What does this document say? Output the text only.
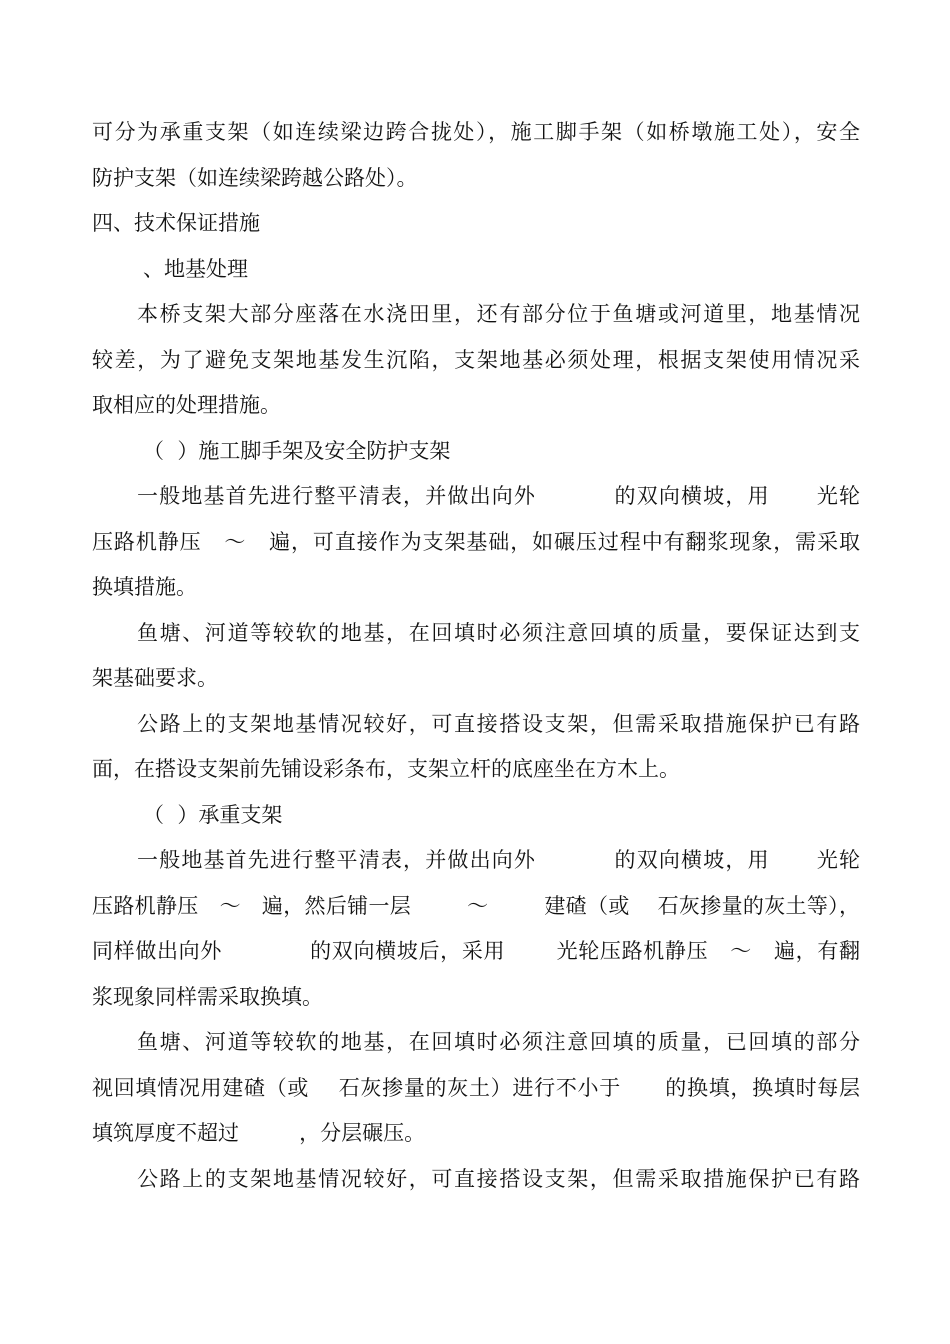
可分为承重支架（如连续梁边跨合拢处），施工脚手架（如桥墩施工处），安全
防护支架（如连续梁跨越公路处）。
四、技术保证措施
、地基处理
本桥支架大部分座落在水浇田里，还有部分位于鱼塘或河道里，地基情况
较差，为了避免支架地基发生沉陷，支架地基必须处理，根据支架使用情况采
取相应的处理措施。
（  ）施工脚手架及安全防护支架
一般地基首先进行整平清表，并做出向外          的双向横坡，用      光轮
压路机静压   ～   遍，可直接作为支架基础，如碾压过程中有翻浆现象，需采取
换填措施。
鱼塘、河道等较软的地基，在回填时必须注意回填的质量，要保证达到支
架基础要求。
公路上的支架地基情况较好，可直接搭设支架，但需采取措施保护已有路
面，在搭设支架前先铺设彩条布，支架立杆的底座坐在方木上。
（  ）承重支架
一般地基首先进行整平清表，并做出向外          的双向横坡，用      光轮
压路机静压   ～   遍，然后铺一层        ～        建碴（或    石灰掺量的灰土等），
同样做出向外            的双向横坡后，采用       光轮压路机静压   ～   遍，有翻
浆现象同样需采取换填。
鱼塘、河道等较软的地基，在回填时必须注意回填的质量，已回填的部分
视回填情况用建碴（或    石灰掺量的灰土）进行不小于      的换填，换填时每层
填筑厚度不超过         ，分层碾压。
公路上的支架地基情况较好，可直接搭设支架，但需采取措施保护已有路
